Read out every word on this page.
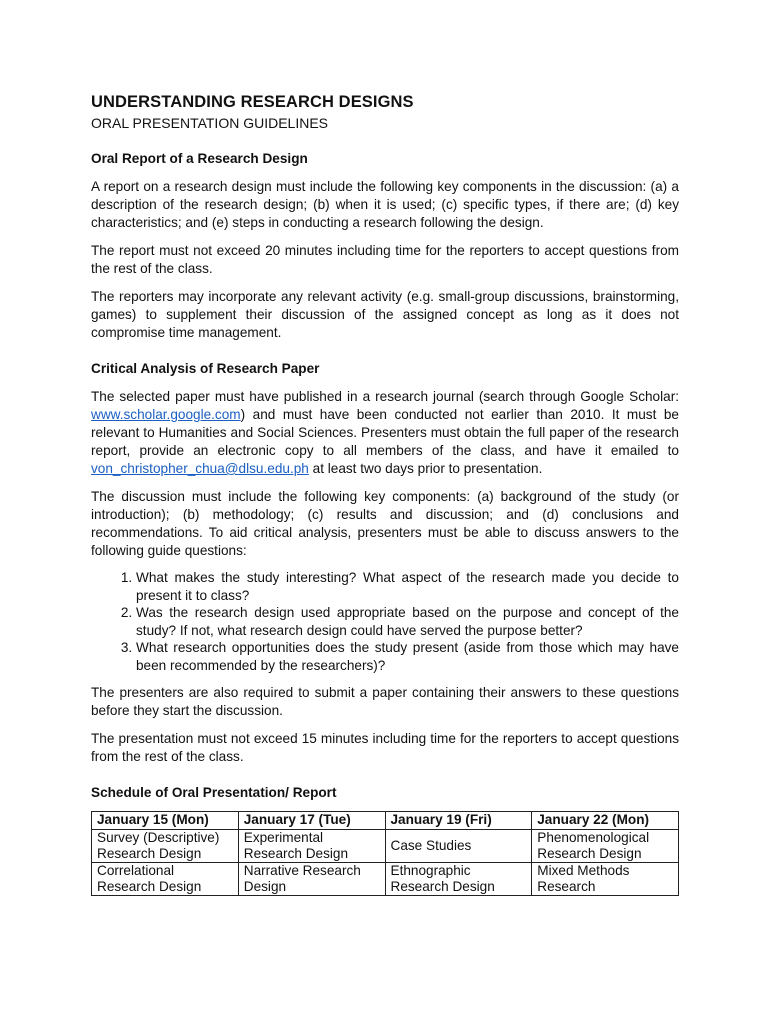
UNDERSTANDING RESEARCH DESIGNS
ORAL PRESENTATION GUIDELINES
Oral Report of a Research Design

A report on a research design must include the following key components in the discussion: (a) a description of the research design; (b) when it is used; (c) specific types, if there are; (d) key characteristics; and (e) steps in conducting a research following the design.

The report must not exceed 20 minutes including time for the reporters to accept questions from the rest of the class.

The reporters may incorporate any relevant activity (e.g. small-group discussions, brainstorming, games) to supplement their discussion of the assigned concept as long as it does not compromise time management.

Critical Analysis of Research Paper

The selected paper must have published in a research journal (search through Google Scholar: www.scholar.google.com) and must have been conducted not earlier than 2010. It must be relevant to Humanities and Social Sciences. Presenters must obtain the full paper of the research report, provide an electronic copy to all members of the class, and have it emailed to von_christopher_chua@dlsu.edu.ph at least two days prior to presentation.

The discussion must include the following key components: (a) background of the study (or introduction); (b) methodology; (c) results and discussion; and (d) conclusions and recommendations. To aid critical analysis, presenters must be able to discuss answers to the following guide questions:

1. What makes the study interesting? What aspect of the research made you decide to present it to class?
2. Was the research design used appropriate based on the purpose and concept of the study? If not, what research design could have served the purpose better?
3. What research opportunities does the study present (aside from those which may have been recommended by the researchers)?

The presenters are also required to submit a paper containing their answers to these questions before they start the discussion.

The presentation must not exceed 15 minutes including time for the reporters to accept questions from the rest of the class.

Schedule of Oral Presentation/ Report
January 15 (Mon)	January 17 (Tue)	January 19 (Fri)	January 22 (Mon)
Survey (Descriptive) Research Design	Experimental Research Design	Case Studies	Phenomenological Research Design
Correlational Research Design	Narrative Research Design	Ethnographic Research Design	Mixed Methods Research
